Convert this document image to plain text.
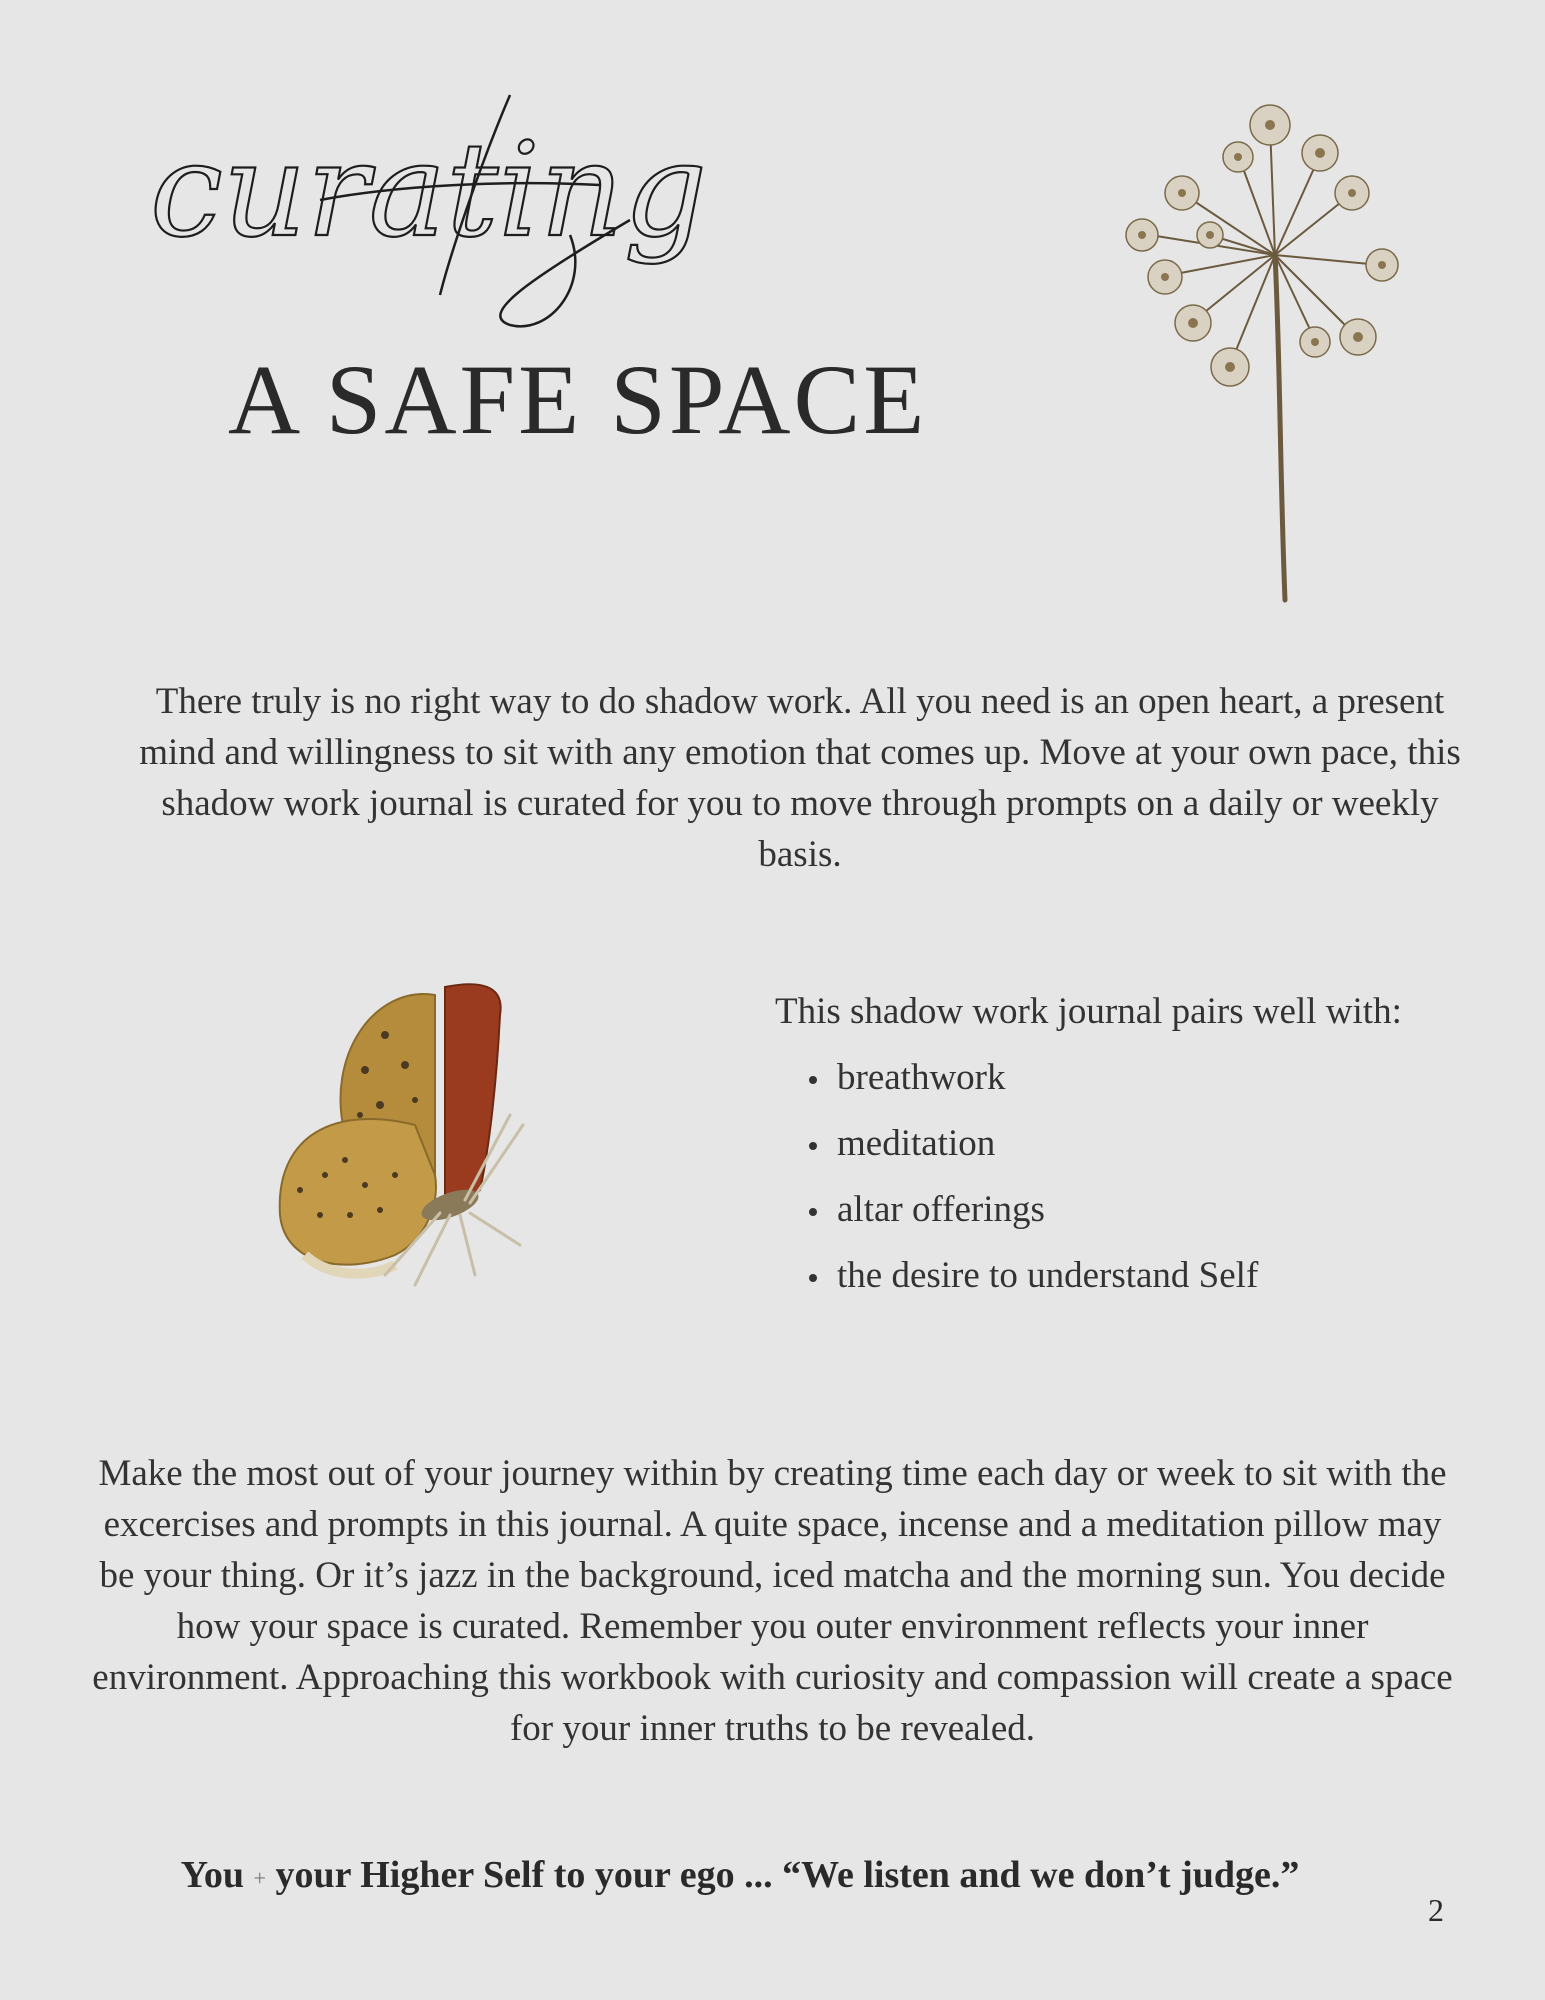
curating
A SAFE SPACE

There truly is no right way to do shadow work. All you need is an open heart, a present mind and willingness to sit with any emotion that comes up. Move at your own pace, this shadow work journal is curated for you to move through prompts on a daily or weekly basis.

This shadow work journal pairs well with:

breathwork
meditation
altar offerings
the desire to understand Self

Make the most out of your journey within by creating time each day or week to sit with the excercises and prompts in this journal. A quite space, incense and a meditation pillow may be your thing. Or it’s jazz in the background, iced matcha and the morning sun. You decide how your space is curated. Remember you outer environment reflects your inner environment. Approaching this workbook with curiosity and compassion will create a space for your inner truths to be revealed.

You + your Higher Self to your ego ... “We listen and we don’t judge.”

2
